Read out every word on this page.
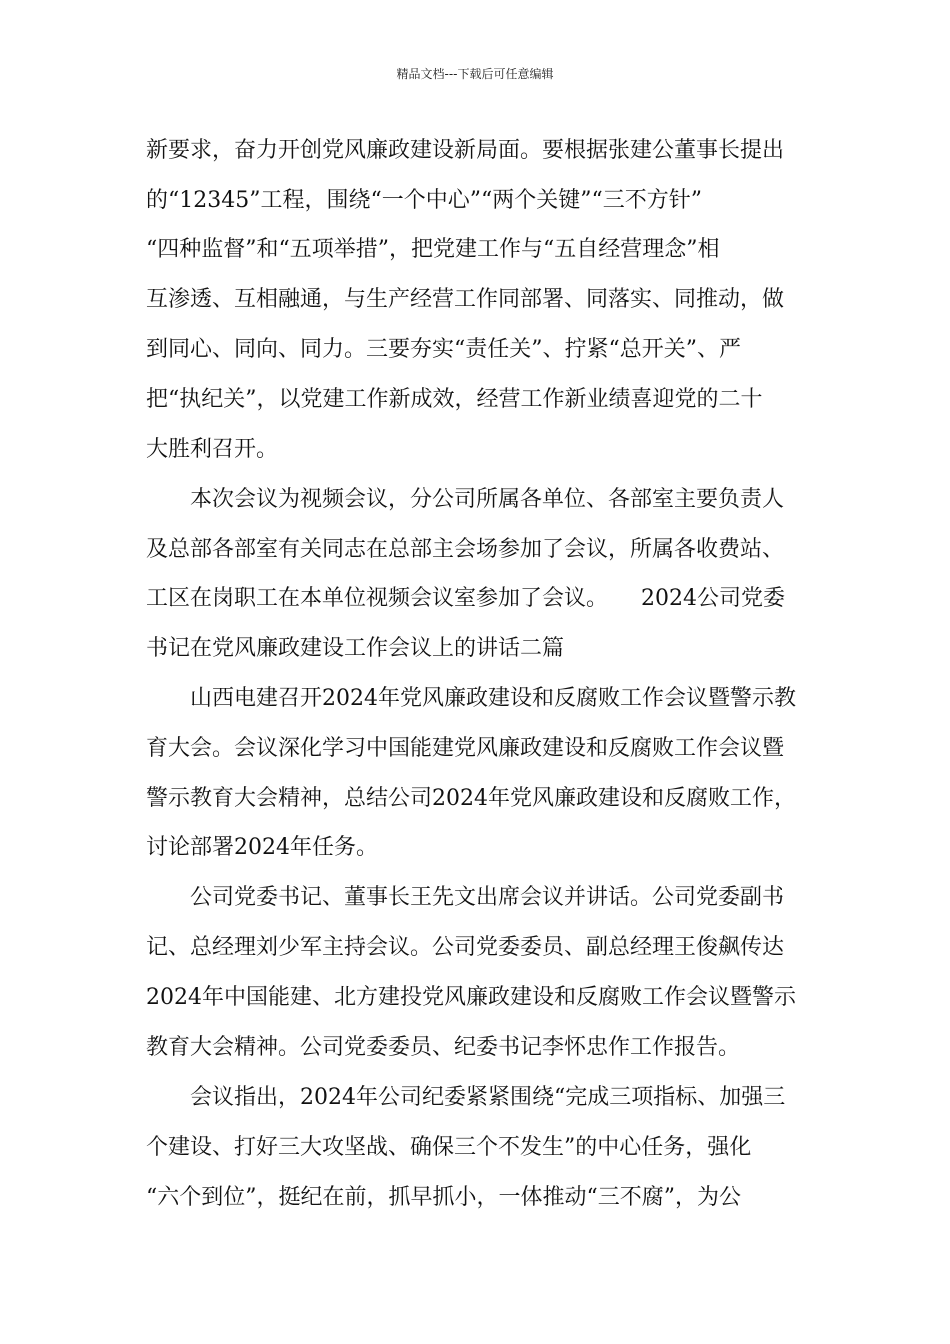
精品文档---下载后可任意编辑
新要求，奋力开创党风廉政建设新局面。要根据张建公董事长提出
的“12345”工程，围绕“一个中心”“两个关键”“三不方针”
“四种监督”和“五项举措”，把党建工作与“五自经营理念”相
互渗透、互相融通，与生产经营工作同部署、同落实、同推动，做
到同心、同向、同力。三要夯实“责任关”、拧紧“总开关”、严
把“执纪关”，以党建工作新成效，经营工作新业绩喜迎党的二十
大胜利召开。
本次会议为视频会议，分公司所属各单位、各部室主要负责人
及总部各部室有关同志在总部主会场参加了会议，所属各收费站、
工区在岗职工在本单位视频会议室参加了会议。　　2024公司党委
书记在党风廉政建设工作会议上的讲话二篇
山西电建召开2024年党风廉政建设和反腐败工作会议暨警示教
育大会。会议深化学习中国能建党风廉政建设和反腐败工作会议暨
警示教育大会精神，总结公司2024年党风廉政建设和反腐败工作，
讨论部署2024年任务。
公司党委书记、董事长王先文出席会议并讲话。公司党委副书
记、总经理刘少军主持会议。公司党委委员、副总经理王俊飙传达
2024年中国能建、北方建投党风廉政建设和反腐败工作会议暨警示
教育大会精神。公司党委委员、纪委书记李怀忠作工作报告。
会议指出，2024年公司纪委紧紧围绕“完成三项指标、加强三
个建设、打好三大攻坚战、确保三个不发生”的中心任务，强化
“六个到位”，挺纪在前，抓早抓小，一体推动“三不腐”，为公
